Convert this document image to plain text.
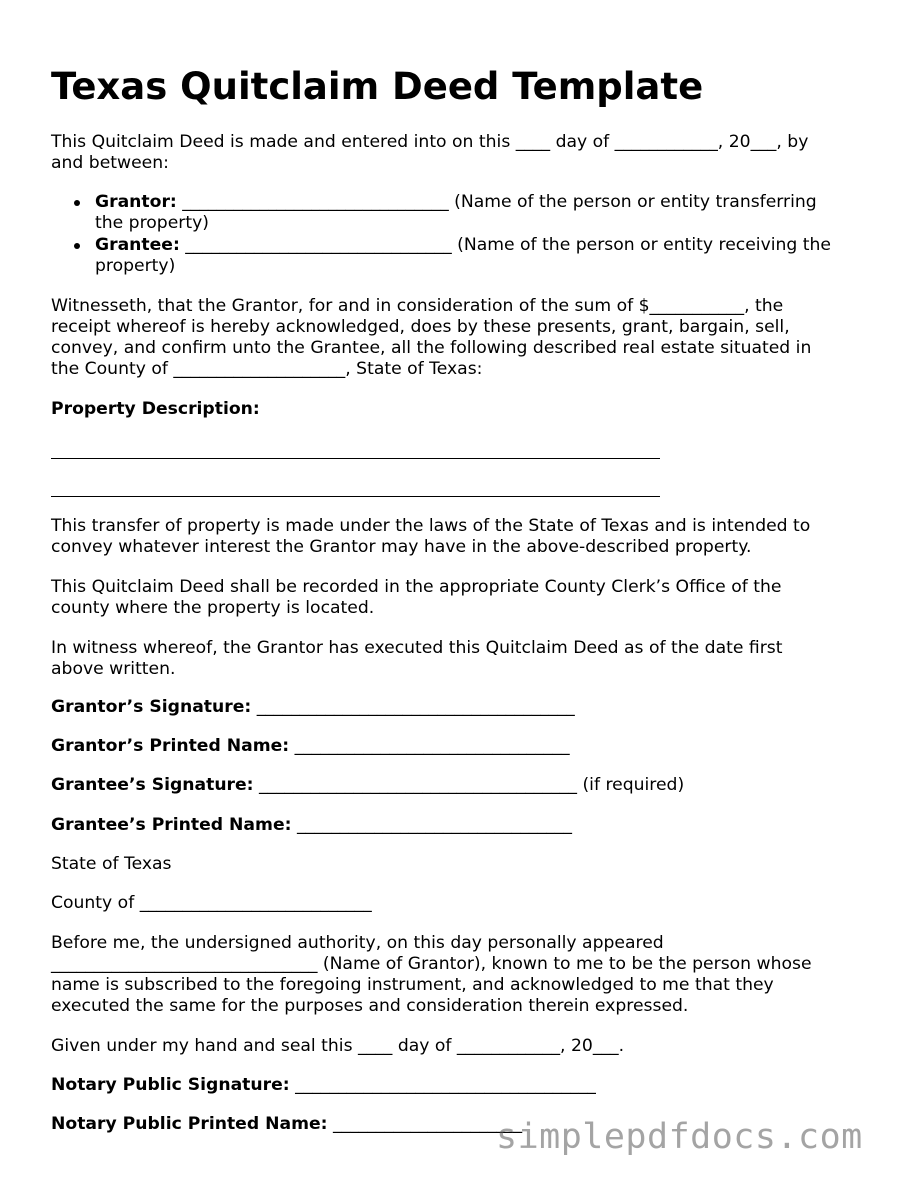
Texas Quitclaim Deed Template

This Quitclaim Deed is made and entered into on this ____ day of ____________, 20___, by

and between:

Grantor: _______________________________ (Name of the person or entity transferring
the property)
Grantee: _______________________________ (Name of the person or entity receiving the
property)

Witnesseth, that the Grantor, for and in consideration of the sum of $___________, the

receipt whereof is hereby acknowledged, does by these presents, grant, bargain, sell,

convey, and confirm unto the Grantee, all the following described real estate situated in

the County of ____________________, State of Texas:

Property Description:

This transfer of property is made under the laws of the State of Texas and is intended to

convey whatever interest the Grantor may have in the above-described property.

This Quitclaim Deed shall be recorded in the appropriate County Clerk’s Office of the

county where the property is located.

In witness whereof, the Grantor has executed this Quitclaim Deed as of the date first

above written.

Grantor’s Signature: _____________________________________

Grantor’s Printed Name: ________________________________

Grantee’s Signature: _____________________________________ (if required)

Grantee’s Printed Name: ________________________________

State of Texas

County of ___________________________

Before me, the undersigned authority, on this day personally appeared

_______________________________ (Name of Grantor), known to me to be the person whose

name is subscribed to the foregoing instrument, and acknowledged to me that they

executed the same for the purposes and consideration therein expressed.

Given under my hand and seal this ____ day of ____________, 20___.

Notary Public Signature: ___________________________________

Notary Public Printed Name: ______________________

simplepdfdocs.com
